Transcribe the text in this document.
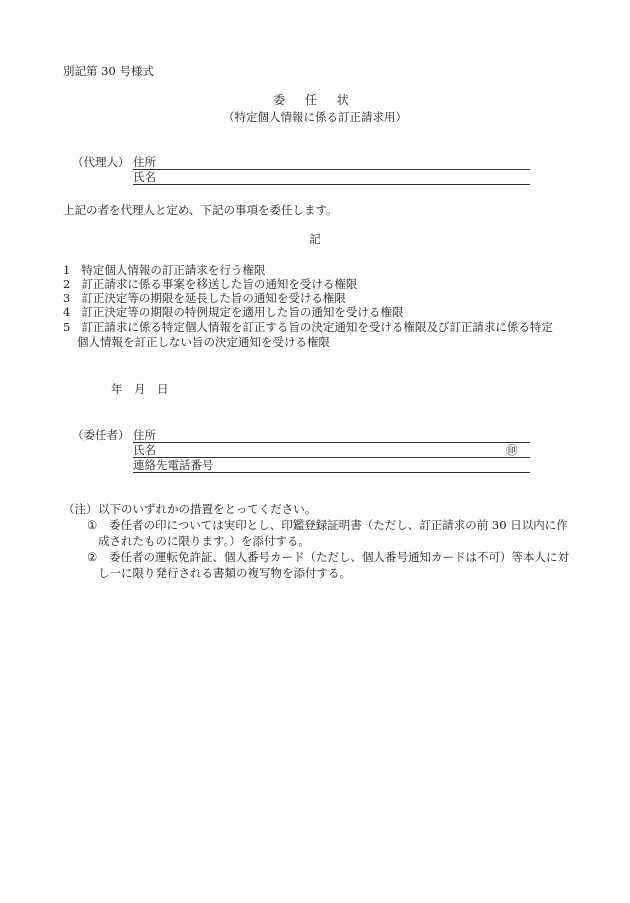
別記第 30 号様式
委 任 状
（特定個人情報に係る訂正請求用）
（代理人） 住所
氏名
上記の者を代理人と定め、下記の事項を委任します。
記
1 特定個人情報の訂正請求を行う権限
2 訂正請求に係る事案を移送した旨の通知を受ける権限
3 訂正決定等の期限を延長した旨の通知を受ける権限
4 訂正決定等の期限の特例規定を適用した旨の通知を受ける権限
5 訂正請求に係る特定個人情報を訂正する旨の決定通知を受ける権限及び訂正請求に係る特定
個人情報を訂正しない旨の決定通知を受ける権限
年 月 日
（委任者） 住所
氏名	㊞
連絡先電話番号
（注） 以下のいずれかの措置をとってください。
① 委任者の印については実印とし、印鑑登録証明書（ただし、訂正請求の前 30 日以内に作
成されたものに限ります。）を添付する。
② 委任者の運転免許証、個人番号カード（ただし、個人番号通知カードは不可）等本人に対
し一に限り発行される書類の複写物を添付する。
